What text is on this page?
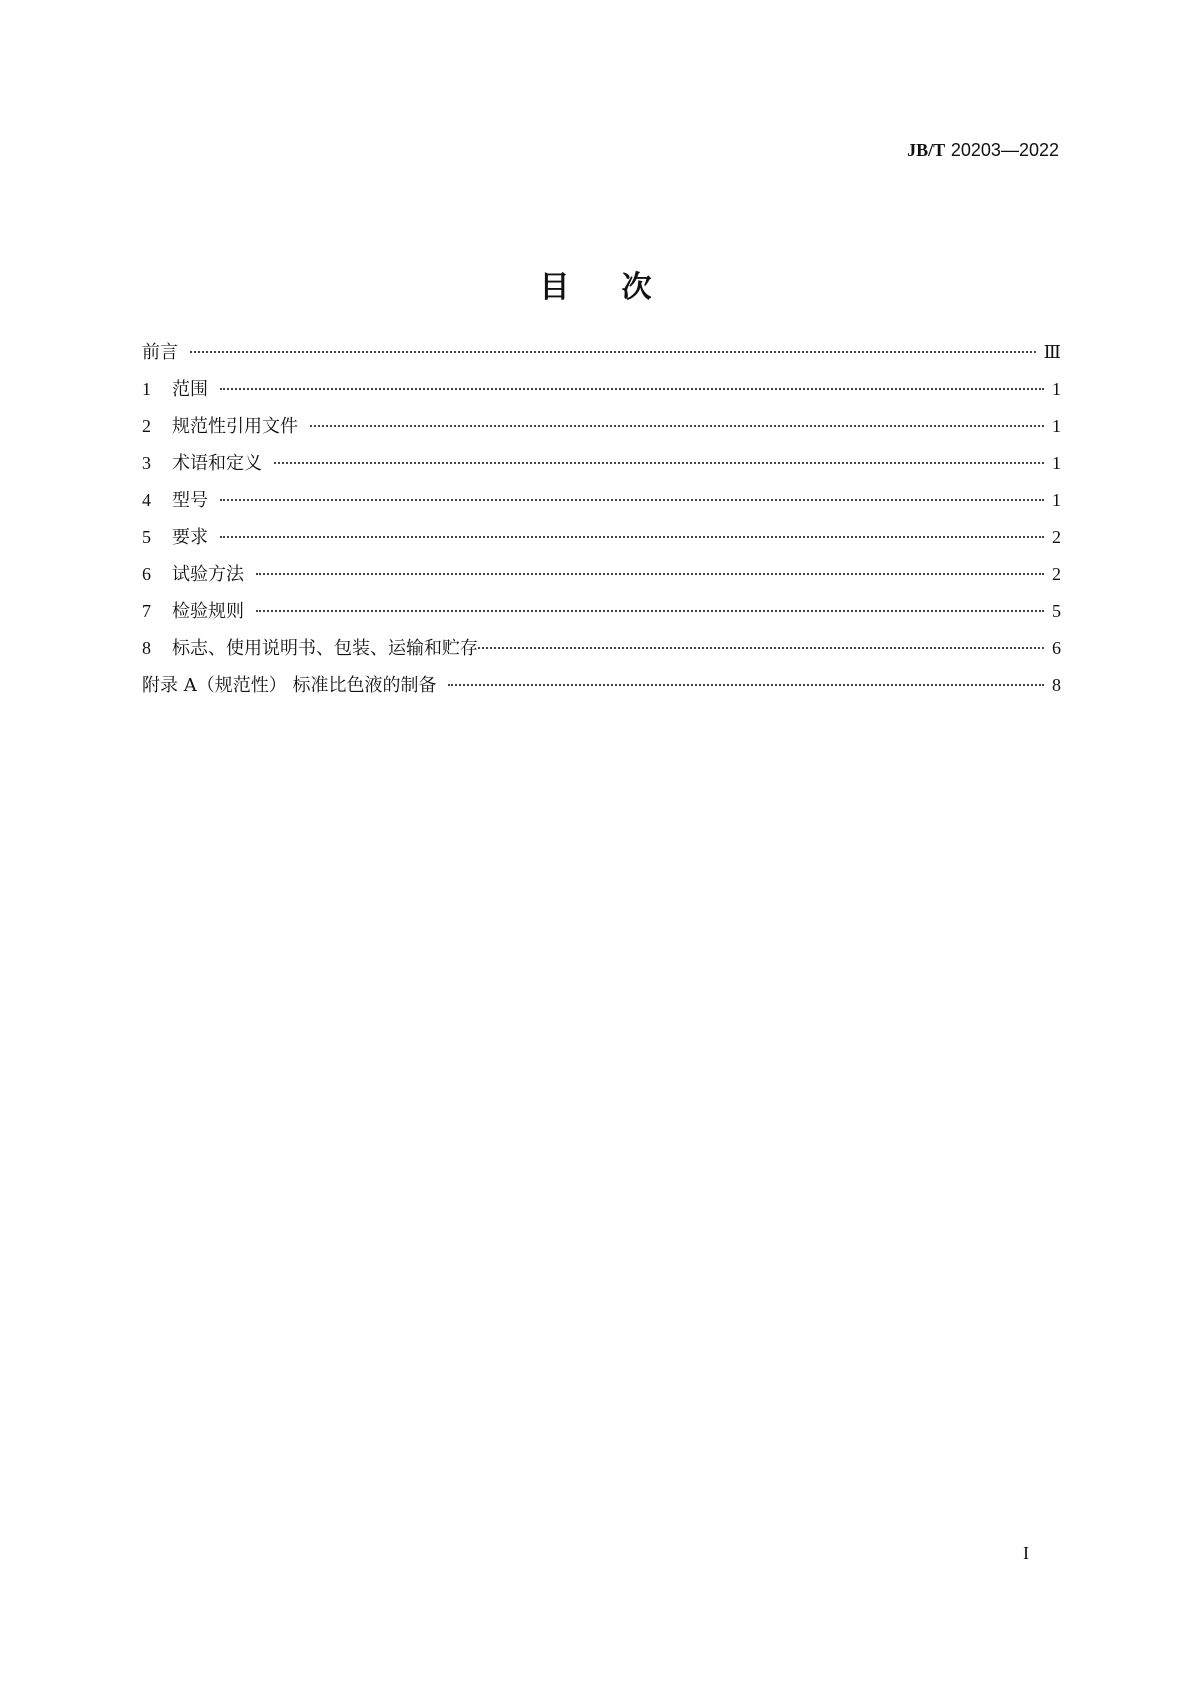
JB/T 20203—2022
目次
前言	Ⅲ
1	范围	1
2	规范性引用文件	1
3	术语和定义	1
4	型号	1
5	要求	2
6	试验方法	2
7	检验规则	5
8	标志、使用说明书、包装、运输和贮存	6
附录 A（规范性） 标准比色液的制备	8
I
